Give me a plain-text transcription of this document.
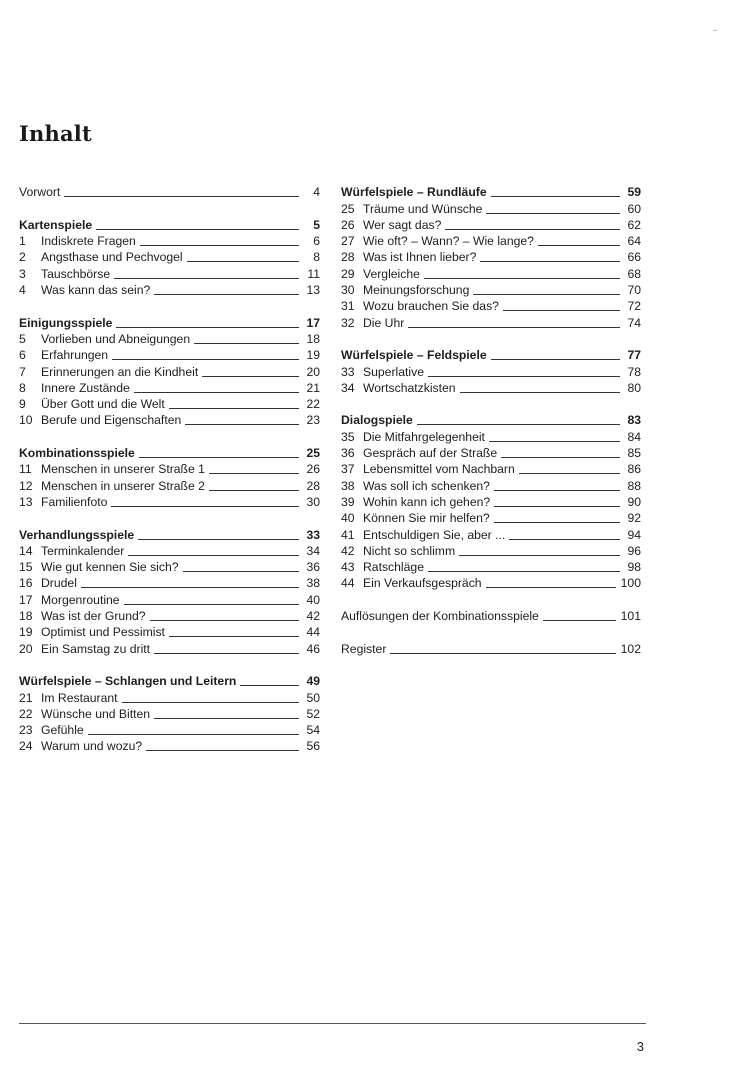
Inhalt
Vorwort	4
Kartenspiele	5
1	Indiskrete Fragen	6
2	Angsthase und Pechvogel	8
3	Tauschbörse	11
4	Was kann das sein?	13
Einigungsspiele	17
5	Vorlieben und Abneigungen	18
6	Erfahrungen	19
7	Erinnerungen an die Kindheit	20
8	Innere Zustände	21
9	Über Gott und die Welt	22
10 Berufe und Eigenschaften	23
Kombinationsspiele	25
11 Menschen in unserer Straße 1	26
12 Menschen in unserer Straße 2	28
13 Familienfoto	30
Verhandlungsspiele	33
14 Terminkalender	34
15 Wie gut kennen Sie sich?	36
16 Drudel	38
17 Morgenroutine	40
18 Was ist der Grund?	42
19 Optimist und Pessimist	44
20 Ein Samstag zu dritt	46
Würfelspiele – Schlangen und Leitern	49
21 Im Restaurant	50
22 Wünsche und Bitten	52
23 Gefühle	54
24 Warum und wozu?	56
Würfelspiele – Rundläufe	59
25 Träume und Wünsche	60
26 Wer sagt das?	62
27 Wie oft? – Wann? – Wie lange?	64
28 Was ist Ihnen lieber?	66
29 Vergleiche	68
30 Meinungsforschung	70
31 Wozu brauchen Sie das?	72
32 Die Uhr	74
Würfelspiele – Feldspiele	77
33 Superlative	78
34 Wortschatzkisten	80
Dialogspiele	83
35 Die Mitfahrgelegenheit	84
36 Gespräch auf der Straße	85
37 Lebensmittel vom Nachbarn	86
38 Was soll ich schenken?	88
39 Wohin kann ich gehen?	90
40 Können Sie mir helfen?	92
41 Entschuldigen Sie, aber ...	94
42 Nicht so schlimm	96
43 Ratschläge	98
44 Ein Verkaufsgespräch	100
Auflösungen der Kombinationsspiele	101
Register	102
3
